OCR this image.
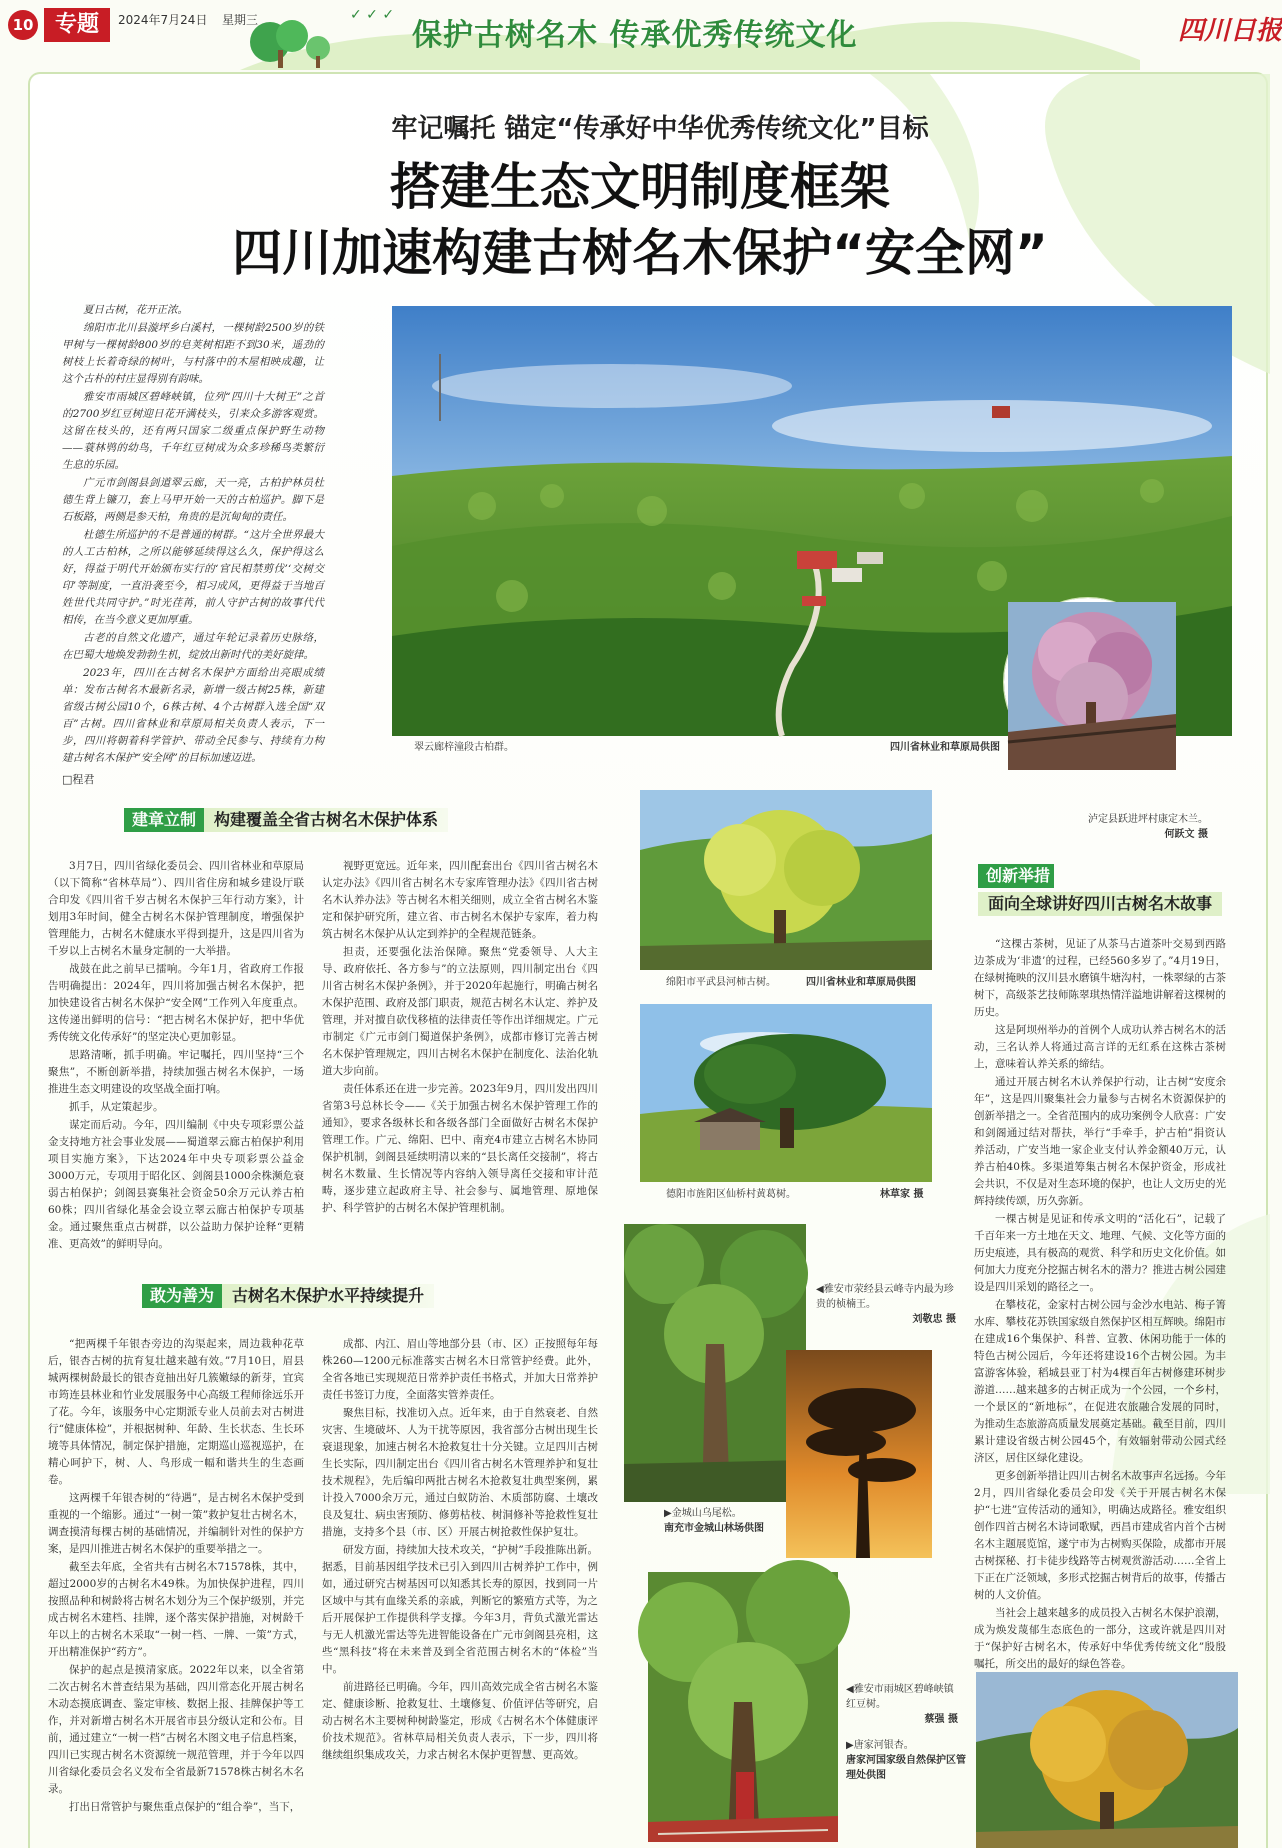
10 专题	2024年7月24日 星期三	✓ ✓ ✓
保护古树名木 传承优秀传统文化	四川日报
牢记嘱托 锚定“传承好中华优秀传统文化”目标
搭建生态文明制度框架
四川加速构建古树名木保护“安全网”

夏日古树，花开正浓。

绵阳市北川县漩坪乡白溪村，一棵树龄2500岁的铁甲树与一棵树龄800岁的皂荚树相距不到30米，遥劲的树枝上长着奇绿的树叶，与村落中的木屋相映成趣，让这个古朴的村庄显得别有韵味。

雅安市雨城区碧峰峡镇，位列“四川十大树王”之首的2700岁红豆树迎日花开满枝头，引来众多游客观赏。这留在枝头的，还有两只国家二级重点保护野生动物——蓑林鸮的幼鸟，千年红豆树成为众多珍稀鸟类繁衍生息的乐园。

广元市剑阁县剑道翠云廊，天一亮，古柏护林员杜德生背上镰刀，套上马甲开始一天的古柏巡护。脚下是石板路，两侧是参天柏，角贵的是沉甸甸的责任。

杜德生所巡护的不是普通的树群。“这片全世界最大的人工古柏林，之所以能够延续得这么久，保护得这么好，得益于明代开始颁布实行的‘官民相禁剪伐’‘交树交印’等制度，一直沿袭至今，相习成风，更得益于当地百姓世代共同守护。”时光荏苒，前人守护古树的故事代代相传，在当今意义更加厚重。

古老的自然文化遗产，通过年轮记录着历史脉络，在巴蜀大地焕发勃勃生机，绽放出新时代的美好旋律。

2023年，四川在古树名木保护方面给出亮眼成绩单：发布古树名木最新名录，新增一级古树25株，新建省级古树公园10个，6株古树、4个古树群入选全国“双百”古树。四川省林业和草原局相关负责人表示，下一步，四川将朝着科学管护、带动全民参与、持续有力构建古树名木保护“安全网”的目标加速迈进。

□程君

翠云廊梓潼段古柏群。	四川省林业和草原局供图
泸定县跃进坪村康定木兰。
何跃文 摄
建章立制 构建覆盖全省古树名木保护体系

3月7日，四川省绿化委员会、四川省林业和草原局（以下简称“省林草局”）、四川省住房和城乡建设厅联合印发《四川省千岁古树名木保护三年行动方案》，计划用3年时间，健全古树名木保护管理制度，增强保护管理能力，古树名木健康水平得到提升，这是四川省为千岁以上古树名木量身定制的一大举措。

战鼓在此之前早已擂响。今年1月，省政府工作报告明确提出：2024年，四川将加强古树名木保护，把加快建设省古树名木保护“安全网”工作列入年度重点。这传递出鲜明的信号：“把古树名木保护好，把中华优秀传统文化传承好”的坚定决心更加彰显。

思路清晰，抓手明确。牢记嘱托，四川坚持“三个聚焦”，不断创新举措，持续加强古树名木保护，一场推进生态文明建设的攻坚战全面打响。

抓手，从定策起步。

谋定而后动。今年，四川编制《中央专项彩票公益金支持地方社会事业发展——蜀道翠云廊古柏保护利用项目实施方案》，下达2024年中央专项彩票公益金3000万元，专项用于昭化区、剑阁县1000余株濒危衰弱古柏保护；剑阁县赛集社会资金50余万元认养古柏60株；四川省绿化基金会设立翠云廊古柏保护专项基金。通过聚焦重点古树群，以公益助力保护诠释“更精准、更高效”的鲜明导向。

视野更宽远。近年来，四川配套出台《四川省古树名木认定办法》《四川省古树名木专家库管理办法》《四川省古树名木认养办法》等古树名木相关细则，成立全省古树名木鉴定和保护研究所，建立省、市古树名木保护专家库，着力构筑古树名木保护从认定到养护的全程规范链条。

担责，还要强化法治保障。聚焦“党委领导、人大主导、政府依托、各方参与”的立法原则，四川制定出台《四川省古树名木保护条例》，并于2020年起施行，明确古树名木保护范围、政府及部门职责，规范古树名木认定、养护及管理，并对擅自砍伐移植的法律责任等作出详细规定。广元市制定《广元市剑门蜀道保护条例》，成都市修订完善古树名木保护管理规定，四川古树名木保护在制度化、法治化轨道大步向前。

责任体系还在进一步完善。2023年9月，四川发出四川省第3号总林长令——《关于加强古树名木保护管理工作的通知》，要求各级林长和各级各部门全面做好古树名木保护管理工作。广元、绵阳、巴中、南充4市建立古树名木协同保护机制，剑阁县延续明清以来的“县长离任交接制”，将古树名木数量、生长情况等内容纳入领导离任交接和审计范畴，逐步建立起政府主导、社会参与、属地管理、原地保护、科学管护的古树名木保护管理机制。

绵阳市平武县河柿古树。	四川省林业和草原局供图
德阳市旌阳区仙桥村黄葛树。	林草家 摄
创新举措
面向全球讲好四川古树名木故事

“这棵古茶树，见证了从茶马古道茶叶交易到西路边茶成为‘非遗’的过程，已经560多岁了。”4月19日，在绿树掩映的汉川县水磨镇牛塘沟村，一株翠绿的古茶树下，高级茶艺技师陈翠琪热情洋溢地讲解着这棵树的历史。

这是阿坝州举办的首例个人成功认养古树名木的活动，三名认养人将通过高言详的无红系在这株古茶树上，意味着认养关系的缔结。

通过开展古树名木认养保护行动，让古树“安度余年”，这是四川聚集社会力量参与古树名木资源保护的创新举措之一。全省范围内的成功案例令人欣喜：广安和剑阁通过结对帮扶，举行“手牵手，护古柏”捐资认养活动，广安当地一家企业支付认养金额40万元，认养古柏40株。多渠道筹集古树名木保护资金，形成社会共识，不仅是对生态环境的保护，也让人文历史的光辉持续传颂，历久弥新。

一棵古树是见证和传承文明的“活化石”，记载了千百年来一方土地在天文、地理、气候、文化等方面的历史痕迹，具有极高的观赏、科学和历史文化价值。如何加大力度充分挖掘古树名木的潜力？推进古树公园建设是四川采划的路径之一。

在攀枝花，金家村古树公园与金沙水电站、梅子箐水库、攀枝花苏铁国家级自然保护区相互辉映。绵阳市在建成16个集保护、科普、宣教、休闲功能于一体的特色古树公园后，今年还将建设16个古树公园。为丰富游客体验，稻城县亚丁村为4棵百年古树修建环树步游道……越来越多的古树正成为一个公园，一个乡村，一个景区的“新地标”，在促进农旅融合发展的同时，为推动生态旅游高质量发展奠定基础。截至目前，四川累计建设省级古树公园45个，有效辐射带动公园式经济区，居住区绿化建设。

更多创新举措让四川古树名木故事声名远扬。今年2月，四川省绿化委员会印发《关于开展古树名木保护“七进”宣传活动的通知》，明确达成路径。雅安组织创作四首古树名木诗词歌赋，西昌市建成省内首个古树名木主题展览馆，遂宁市为古树购买保险，成都市开展古树探秘、打卡徒步线路等古树观赏游活动……全省上下正在广泛领域，多形式挖掘古树背后的故事，传播古树的人文价值。

当社会上越来越多的成员投入古树名木保护浪潮，成为焕发蔑郁生态底色的一部分，这或许就是四川对于“保护好古树名木，传承好中华优秀传统文化”殷殷嘱托，所交出的最好的绿色答卷。

敢为善为 古树名木保护水平持续提升

“把两棵千年银杏旁边的沟渠起来，周边栽种花草后，银杏古树的抗育复壮越来越有效。”7月10日，眉县城两棵树龄最长的银杏竟抽出好几簇嫩绿的新芽，宜宾市筠连县林业和竹业发展服务中心高级工程师徐远乐开了花。今年，该服务中心定期派专业人员前去对古树进行“健康体检”，并根据树种、年龄、生长状态、生长环境等具体情况，制定保护措施，定期巡山巡视巡护，在精心呵护下，树、人、鸟形成一幅和谐共生的生态画卷。

这两棵千年银杏树的“待遇”，是古树名木保护受到重视的一个缩影。通过“一树一策”救护复壮古树名木，调查摸清每棵古树的基础情况，并编制针对性的保护方案，是四川推进古树名木保护的重要举措之一。

截至去年底，全省共有古树名木71578株，其中，超过2000岁的古树名木49株。为加快保护进程，四川按照品种和树龄将古树名木划分为三个保护级别，并完成古树名木建档、挂牌，逐个落实保护措施，对树龄千年以上的古树名木采取“一树一档、一牌、一策”方式，开出精准保护“药方”。

保护的起点是摸清家底。2022年以来，以全省第二次古树名木普查结果为基础，四川常态化开展古树名木动态摸底调查、鉴定审核、数据上报、挂牌保护等工作，并对新增古树名木开展省市县分级认定和公布。目前，通过建立“一树一档”古树名木图文电子信息档案，四川已实现古树名木资源统一规范管理，并于今年以四川省绿化委员会名义发布全省最新71578株古树名木名录。

打出日常管护与聚焦重点保护的“组合拳”，当下，

成都、内江、眉山等地部分县（市、区）正按照每年每株260—1200元标准落实古树名木日常管护经费。此外，全省各地已实现规范日常养护责任书格式，并加大日常养护责任书签订力度，全面落实管养责任。

聚焦目标，找准切入点。近年来，由于自然衰老、自然灾害、生境破坏、人为干扰等原因，我省部分古树出现生长衰退现象，加速古树名木抢救复壮十分关键。立足四川古树生长实际，四川制定出台《四川省古树名木管理养护和复壮技术规程》，先后编印两批古树名木抢救复壮典型案例，累计投入7000余万元，通过白蚁防治、木质部防腐、土壤改良及复壮、病虫害预防、修剪枯枝、树洞修补等抢救性复壮措施，支持多个县（市、区）开展古树抢救性保护复壮。

研发方面，持续加大技术攻关，“护树”手段推陈出新。据悉，目前基因组学技术已引入到四川古树养护工作中，例如，通过研究古树基因可以知悉其长寿的原因，找到同一片区域中与其有血缘关系的亲戚，判断它的繁殖方式等，为之后开展保护工作提供科学支撑。今年3月，背负式激光雷达与无人机激光雷达等先进智能设备在广元市剑阁县亮相，这些“黑科技”将在未来普及到全省范围古树名木的“体检”当中。

前进路径已明确。今年，四川高效完成全省古树名木鉴定、健康诊断、抢救复壮、土壤修复、价值评估等研究，启动古树名木主要树种树龄鉴定，形成《古树名木个体健康评价技术规范》。省林草局相关负责人表示，下一步，四川将继续组织集成攻关，力求古树名木保护更智慧、更高效。

◀雅安市荥经县云峰寺内最为珍贵的桢楠王。
刘敬忠 摄
▶金城山乌尾松。
南充市金城山林场供图
◀雅安市雨城区碧峰峡镇红豆树。
蔡强 摄
▶唐家河银杏。
唐家河国家级自然保护区管理处供图
